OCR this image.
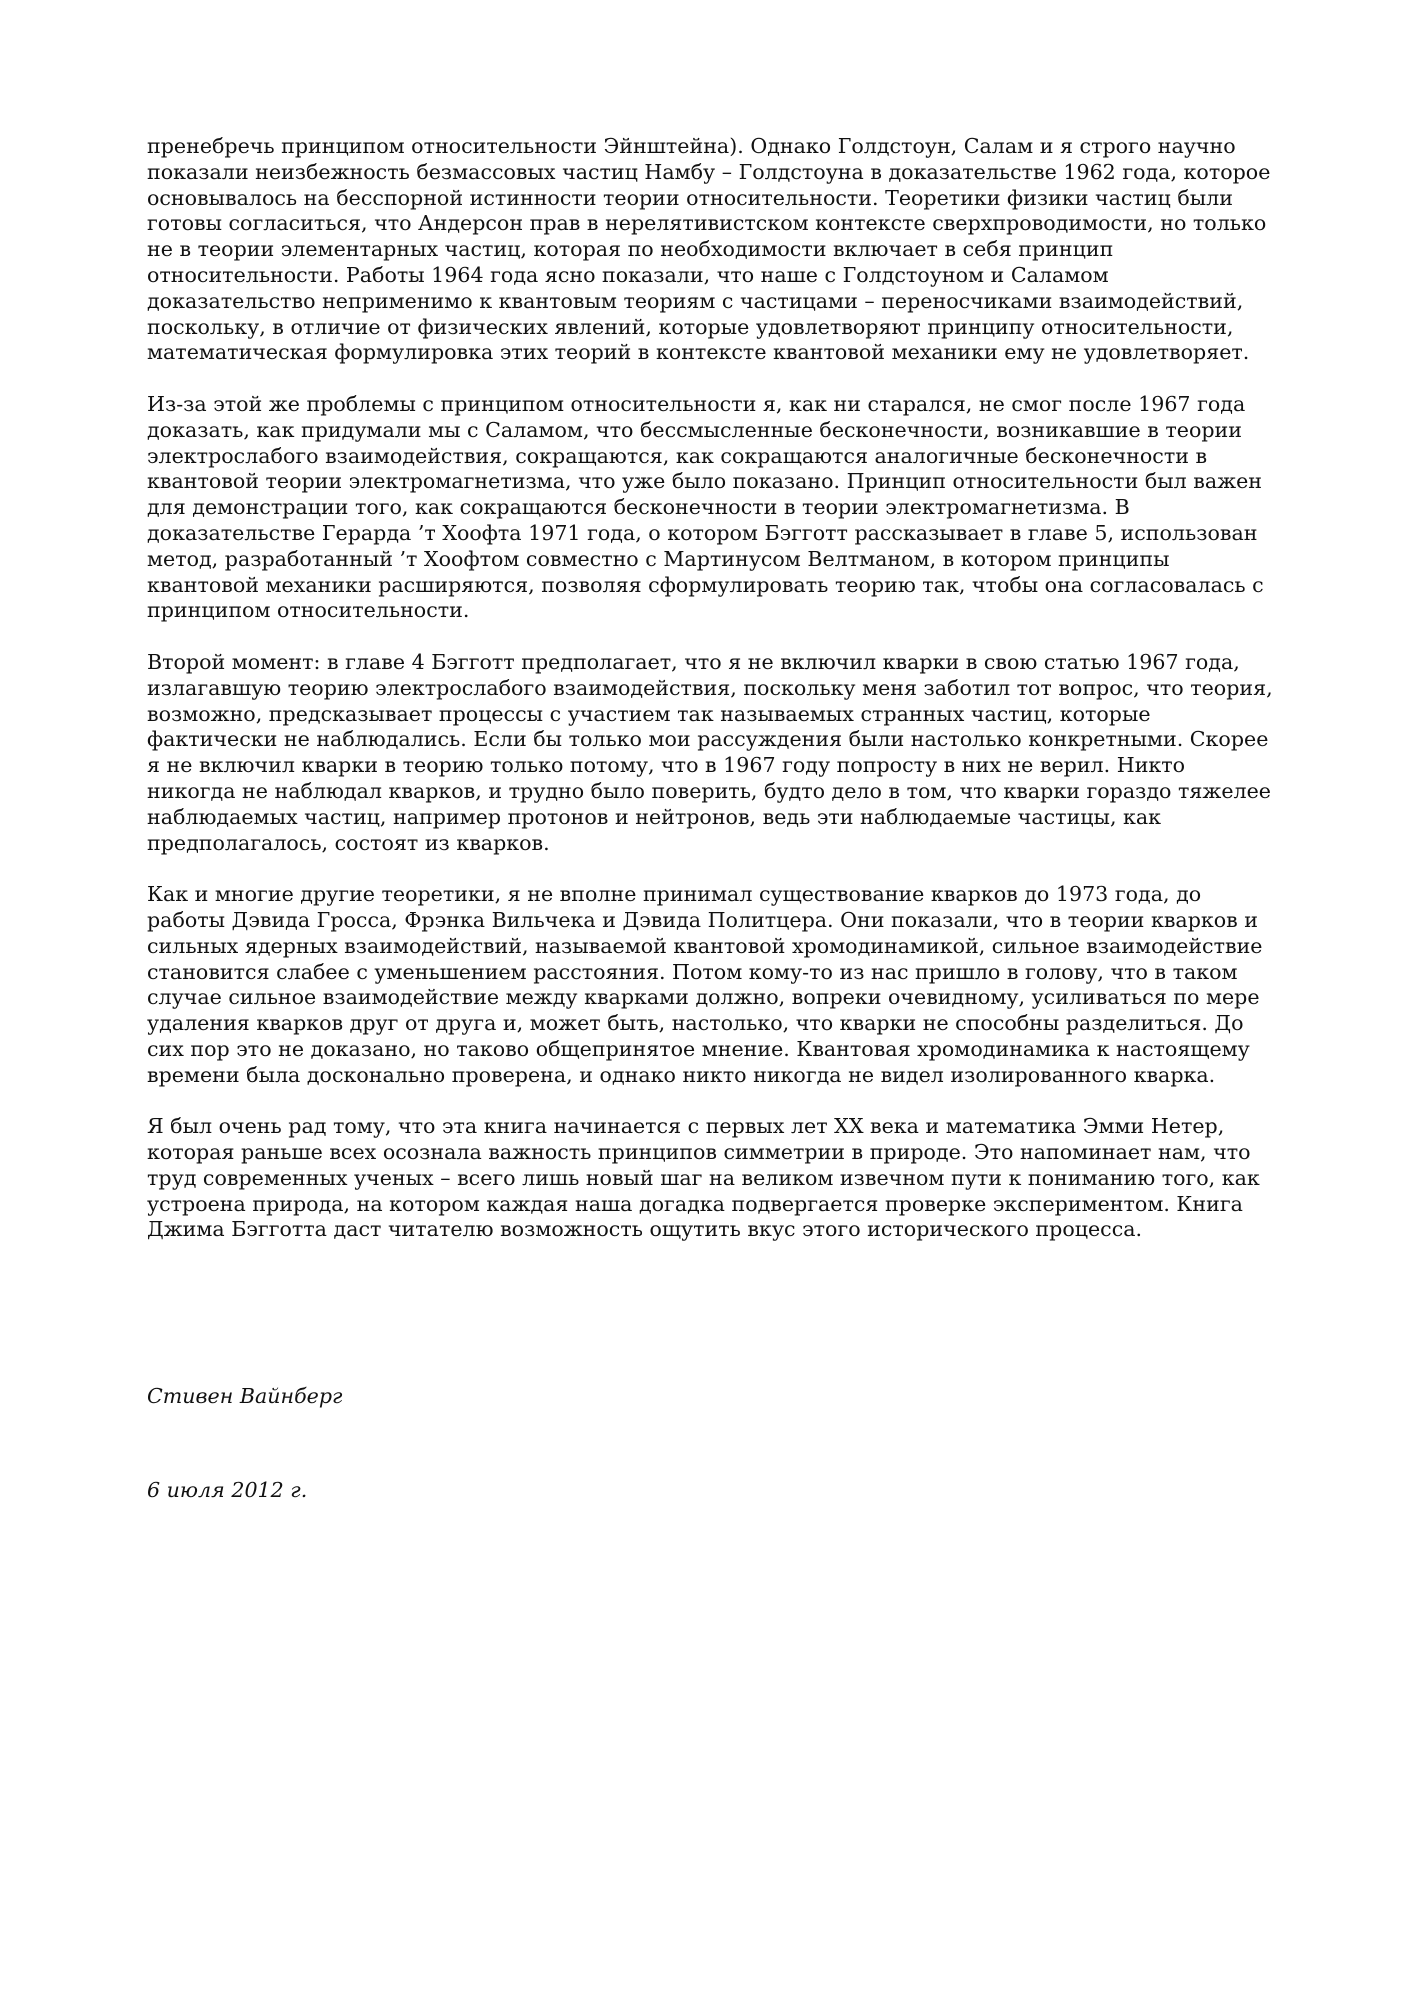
пренебречь принципом относительности Эйнштейна). Однако Голдстоун, Салам и я строго научно показали неизбежность безмассовых частиц Намбу – Голдстоуна в доказательстве 1962 года, которое основывалось на бесспорной истинности теории относительности. Теоретики физики частиц были готовы согласиться, что Андерсон прав в нерелятивистском контексте сверхпроводимости, но только не в теории элементарных частиц, которая по необходимости включает в себя принцип относительности. Работы 1964 года ясно показали, что наше с Голдстоуном и Саламом доказательство неприменимо к квантовым теориям с частицами – переносчиками взаимодействий, поскольку, в отличие от физических явлений, которые удовлетворяют принципу относительности, математическая формулировка этих теорий в контексте квантовой механики ему не удовлетворяет.

Из-за этой же проблемы с принципом относительности я, как ни старался, не смог после 1967 года доказать, как придумали мы с Саламом, что бессмысленные бесконечности, возникавшие в теории электрослабого взаимодействия, сокращаются, как сокращаются аналогичные бесконечности в квантовой теории электромагнетизма, что уже было показано. Принцип относительности был важен для демонстрации того, как сокращаются бесконечности в теории электромагнетизма. В доказательстве Герарда ’т Хоофта 1971 года, о котором Бэгготт рассказывает в главе 5, использован метод, разработанный ’т Хоофтом совместно с Мартинусом Велтманом, в котором принципы квантовой механики расширяются, позволяя сформулировать теорию так, чтобы она согласовалась с принципом относительности.

Второй момент: в главе 4 Бэгготт предполагает, что я не включил кварки в свою статью 1967 года, излагавшую теорию электрослабого взаимодействия, поскольку меня заботил тот вопрос, что теория, возможно, предсказывает процессы с участием так называемых странных частиц, которые фактически не наблюдались. Если бы только мои рассуждения были настолько конкретными. Скорее я не включил кварки в теорию только потому, что в 1967 году попросту в них не верил. Никто никогда не наблюдал кварков, и трудно было поверить, будто дело в том, что кварки гораздо тяжелее наблюдаемых частиц, например протонов и нейтронов, ведь эти наблюдаемые частицы, как предполагалось, состоят из кварков.

Как и многие другие теоретики, я не вполне принимал существование кварков до 1973 года, до работы Дэвида Гросса, Фрэнка Вильчека и Дэвида Политцера. Они показали, что в теории кварков и сильных ядерных взаимодействий, называемой квантовой хромодинамикой, сильное взаимодействие становится слабее с уменьшением расстояния. Потом кому-то из нас пришло в голову, что в таком случае сильное взаимодействие между кварками должно, вопреки очевидному, усиливаться по мере удаления кварков друг от друга и, может быть, настолько, что кварки не способны разделиться. До сих пор это не доказано, но таково общепринятое мнение. Квантовая хромодинамика к настоящему времени была досконально проверена, и однако никто никогда не видел изолированного кварка.

Я был очень рад тому, что эта книга начинается с первых лет XX века и математика Эмми Нетер, которая раньше всех осознала важность принципов симметрии в природе. Это напоминает нам, что труд современных ученых – всего лишь новый шаг на великом извечном пути к пониманию того, как устроена природа, на котором каждая наша догадка подвергается проверке экспериментом. Книга Джима Бэгготта даст читателю возможность ощутить вкус этого исторического процесса.

Стивен Вайнберг

6 июля 2012 г.
